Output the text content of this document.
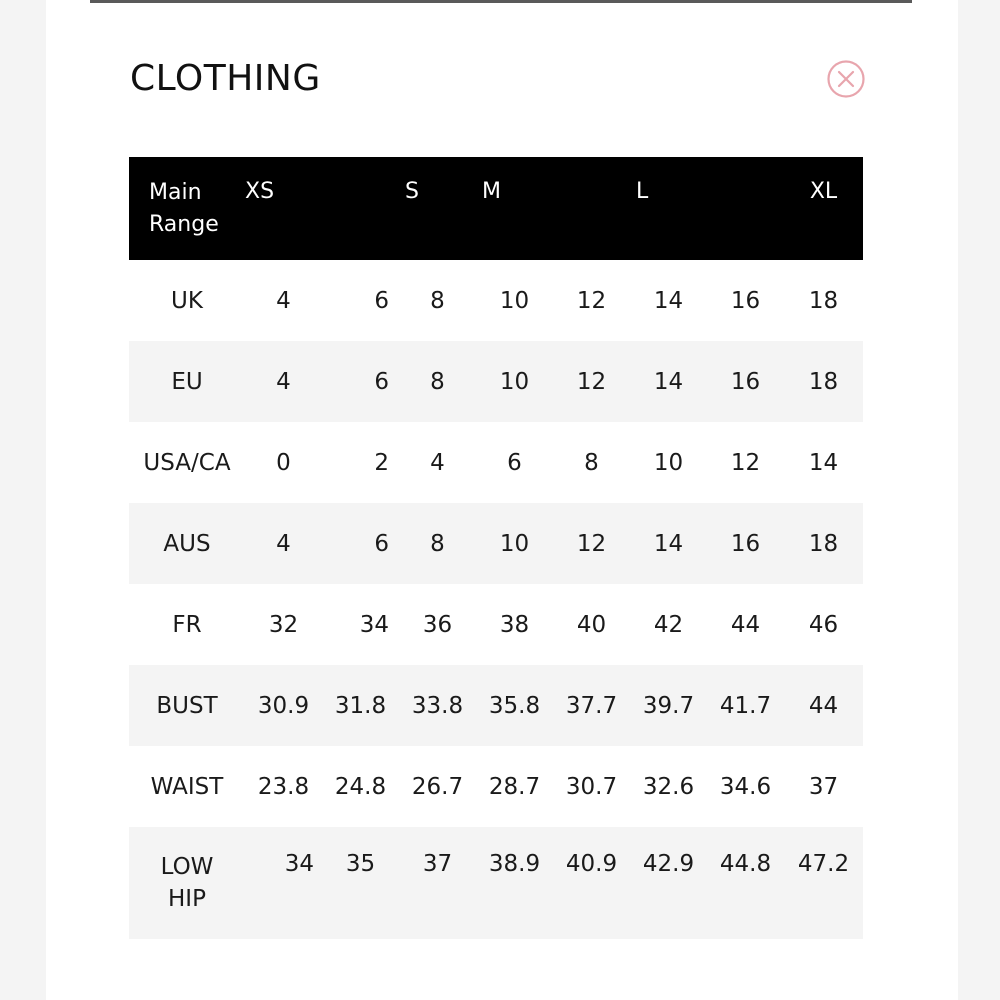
CLOTHING
Main
Range	XS		S	M		L		XL
UK	4	6	8	10	12	14	16	18
EU	4	6	8	10	12	14	16	18
USA/CA	0	2	4	6	8	10	12	14
AUS	4	6	8	10	12	14	16	18
FR	32	34	36	38	40	42	44	46
BUST	30.9	31.8	33.8	35.8	37.7	39.7	41.7	44
WAIST	23.8	24.8	26.7	28.7	30.7	32.6	34.6	37

LOW
HIP	34	35	37	38.9	40.9	42.9	44.8	47.2
